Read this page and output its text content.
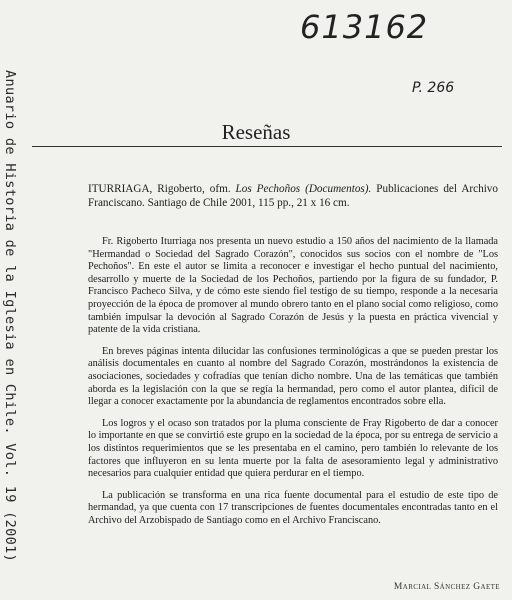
Anuario de Historia de la Iglesia en Chile. Vol. 19 (2001)
613162
P. 266
Reseñas
ITURRIAGA, Rigoberto, ofm. Los Pechoños (Documentos). Publicaciones del Archivo Franciscano. Santiago de Chile 2001, 115 pp., 21 x 16 cm.

Fr. Rigoberto Iturriaga nos presenta un nuevo estudio a 150 años del nacimiento de la llamada "Hermandad o Sociedad del Sagrado Corazón", conocidos sus socios con el nombre de "Los Pechoños". En este el autor se limita a reconocer e investigar el hecho puntual del nacimiento, desarrollo y muerte de la Sociedad de los Pechoños, partiendo por la figura de su fundador, P. Francisco Pacheco Silva, y de cómo este siendo fiel testigo de su tiempo, responde a la necesaria proyección de la época de promover al mundo obrero tanto en el plano social como religioso, como también impulsar la devoción al Sagrado Corazón de Jesús y la puesta en práctica vivencial y patente de la vida cristiana.

En breves páginas intenta dilucidar las confusiones terminológicas a que se pueden prestar los análisis documentales en cuanto al nombre del Sagrado Corazón, mostrándonos la existencia de asociaciones, sociedades y cofradías que tenían dicho nombre. Una de las temáticas que también aborda es la legislación con la que se regía la hermandad, pero como el autor plantea, difícil de llegar a conocer exactamente por la abundancia de reglamentos encontrados sobre ella.

Los logros y el ocaso son tratados por la pluma consciente de Fray Rigoberto de dar a conocer lo importante en que se convirtió este grupo en la sociedad de la época, por su entrega de servicio a los distintos requerimientos que se les presentaba en el camino, pero también lo relevante de los factores que influyeron en su lenta muerte por la falta de asesoramiento legal y administrativo necesarios para cualquier entidad que quiera perdurar en el tiempo.

La publicación se transforma en una rica fuente documental para el estudio de este tipo de hermandad, ya que cuenta con 17 transcripciones de fuentes documentales encontradas tanto en el Archivo del Arzobispado de Santiago como en el Archivo Franciscano.

Marcial Sánchez Gaete
